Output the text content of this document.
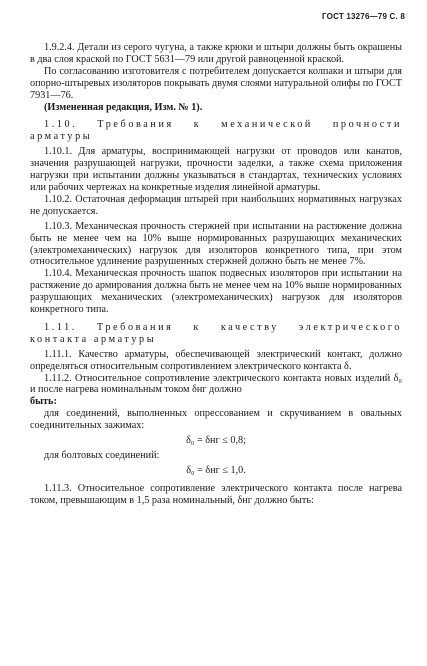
ГОСТ 13276—79 С. 8

1.9.2.4. Детали из серого чугуна, а также крюки и штыри должны быть окрашены в два слоя краской по ГОСТ 5631—79 или другой равноценной краской.

По согласованию изготовителя с потребителем допускается колпаки и штыри для опорно-штыревых изоляторов покрывать двумя слоями натуральной олифы по ГОСТ 7931—76.

(Измененная редакция, Изм. № 1).

1.10. Требования к механической прочности арматуры

1.10.1. Для арматуры, воспринимающей нагрузки от проводов или канатов, значения разрушающей нагрузки, прочности заделки, а также схема приложения нагрузки при испытании должны указываться в стандартах, технических условиях или рабочих чертежах на конкретные изделия линейной арматуры.

1.10.2. Остаточная деформация штырей при наибольших нормативных нагрузках не допускается.

1.10.3. Механическая прочность стержней при испытании на растяжение должна быть не менее чем на 10% выше нормированных разрушающих механических (электромеханических) нагрузок для изоляторов конкретного типа, при этом относительное удлинение разрушенных стержней должно быть не менее 7%.

1.10.4. Механическая прочность шапок подвесных изоляторов при испытании на растяжение до армирования должна быть не менее чем на 10% выше нормированных разрушающих механических (электромеханических) нагрузок для изоляторов конкретного типа.

1.11. Требования к качеству электрического контакта арматуры

1.11.1. Качество арматуры, обеспечивающей электрический контакт, должно определяться относительным сопротивлением электрического контакта δ.

1.11.2. Относительное сопротивление электрического контакта новых изделий δ₀ и после нагрева номинальным током δнг должно

быть:

для соединений, выполненных опрессованием и скручиванием в овальных соединительных зажимах:

δ₀ = δнг ≤ 0,8;

для болтовых соединений:

δ₀ = δнг ≤ 1,0.

1.11.3. Относительное сопротивление электрического контакта после нагрева током, превышающим в 1,5 раза номинальный, δнг должно быть:
